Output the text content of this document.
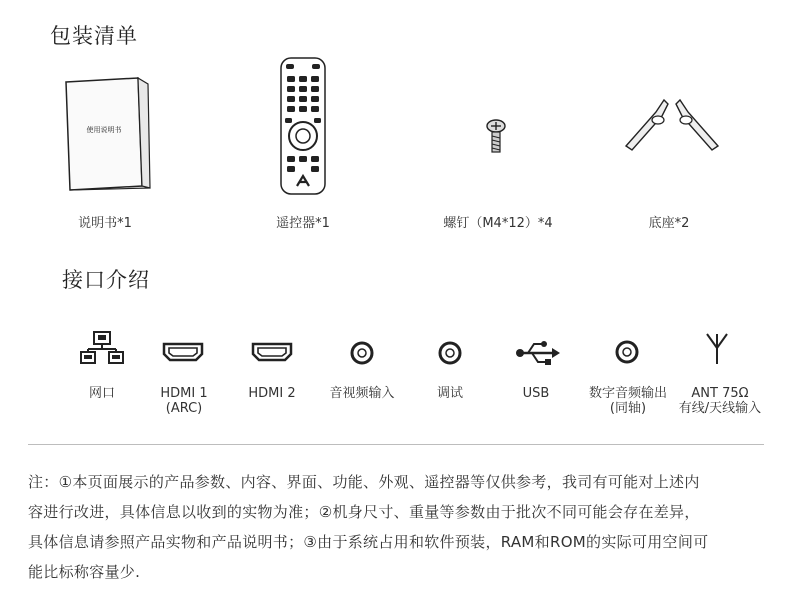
包装清单
使用说明书
说明书*1	遥控器*1	螺钉（M4*12）*4	底座*2
接口介绍
网口	HDMI 1
(ARC)
HDMI 2	音视频输入	调试	USB	数字音频输出
(同轴)
ANT 75Ω
有线/天线输入
注：①本页面展示的产品参数、内容、界面、功能、外观、遥控器等仅供参考，我司有可能对上述内
容进行改进，具体信息以收到的实物为准；②机身尺寸、重量等参数由于批次不同可能会存在差异，
具体信息请参照产品实物和产品说明书；③由于系统占用和软件预装，RAM和ROM的实际可用空间可
能比标称容量少.
